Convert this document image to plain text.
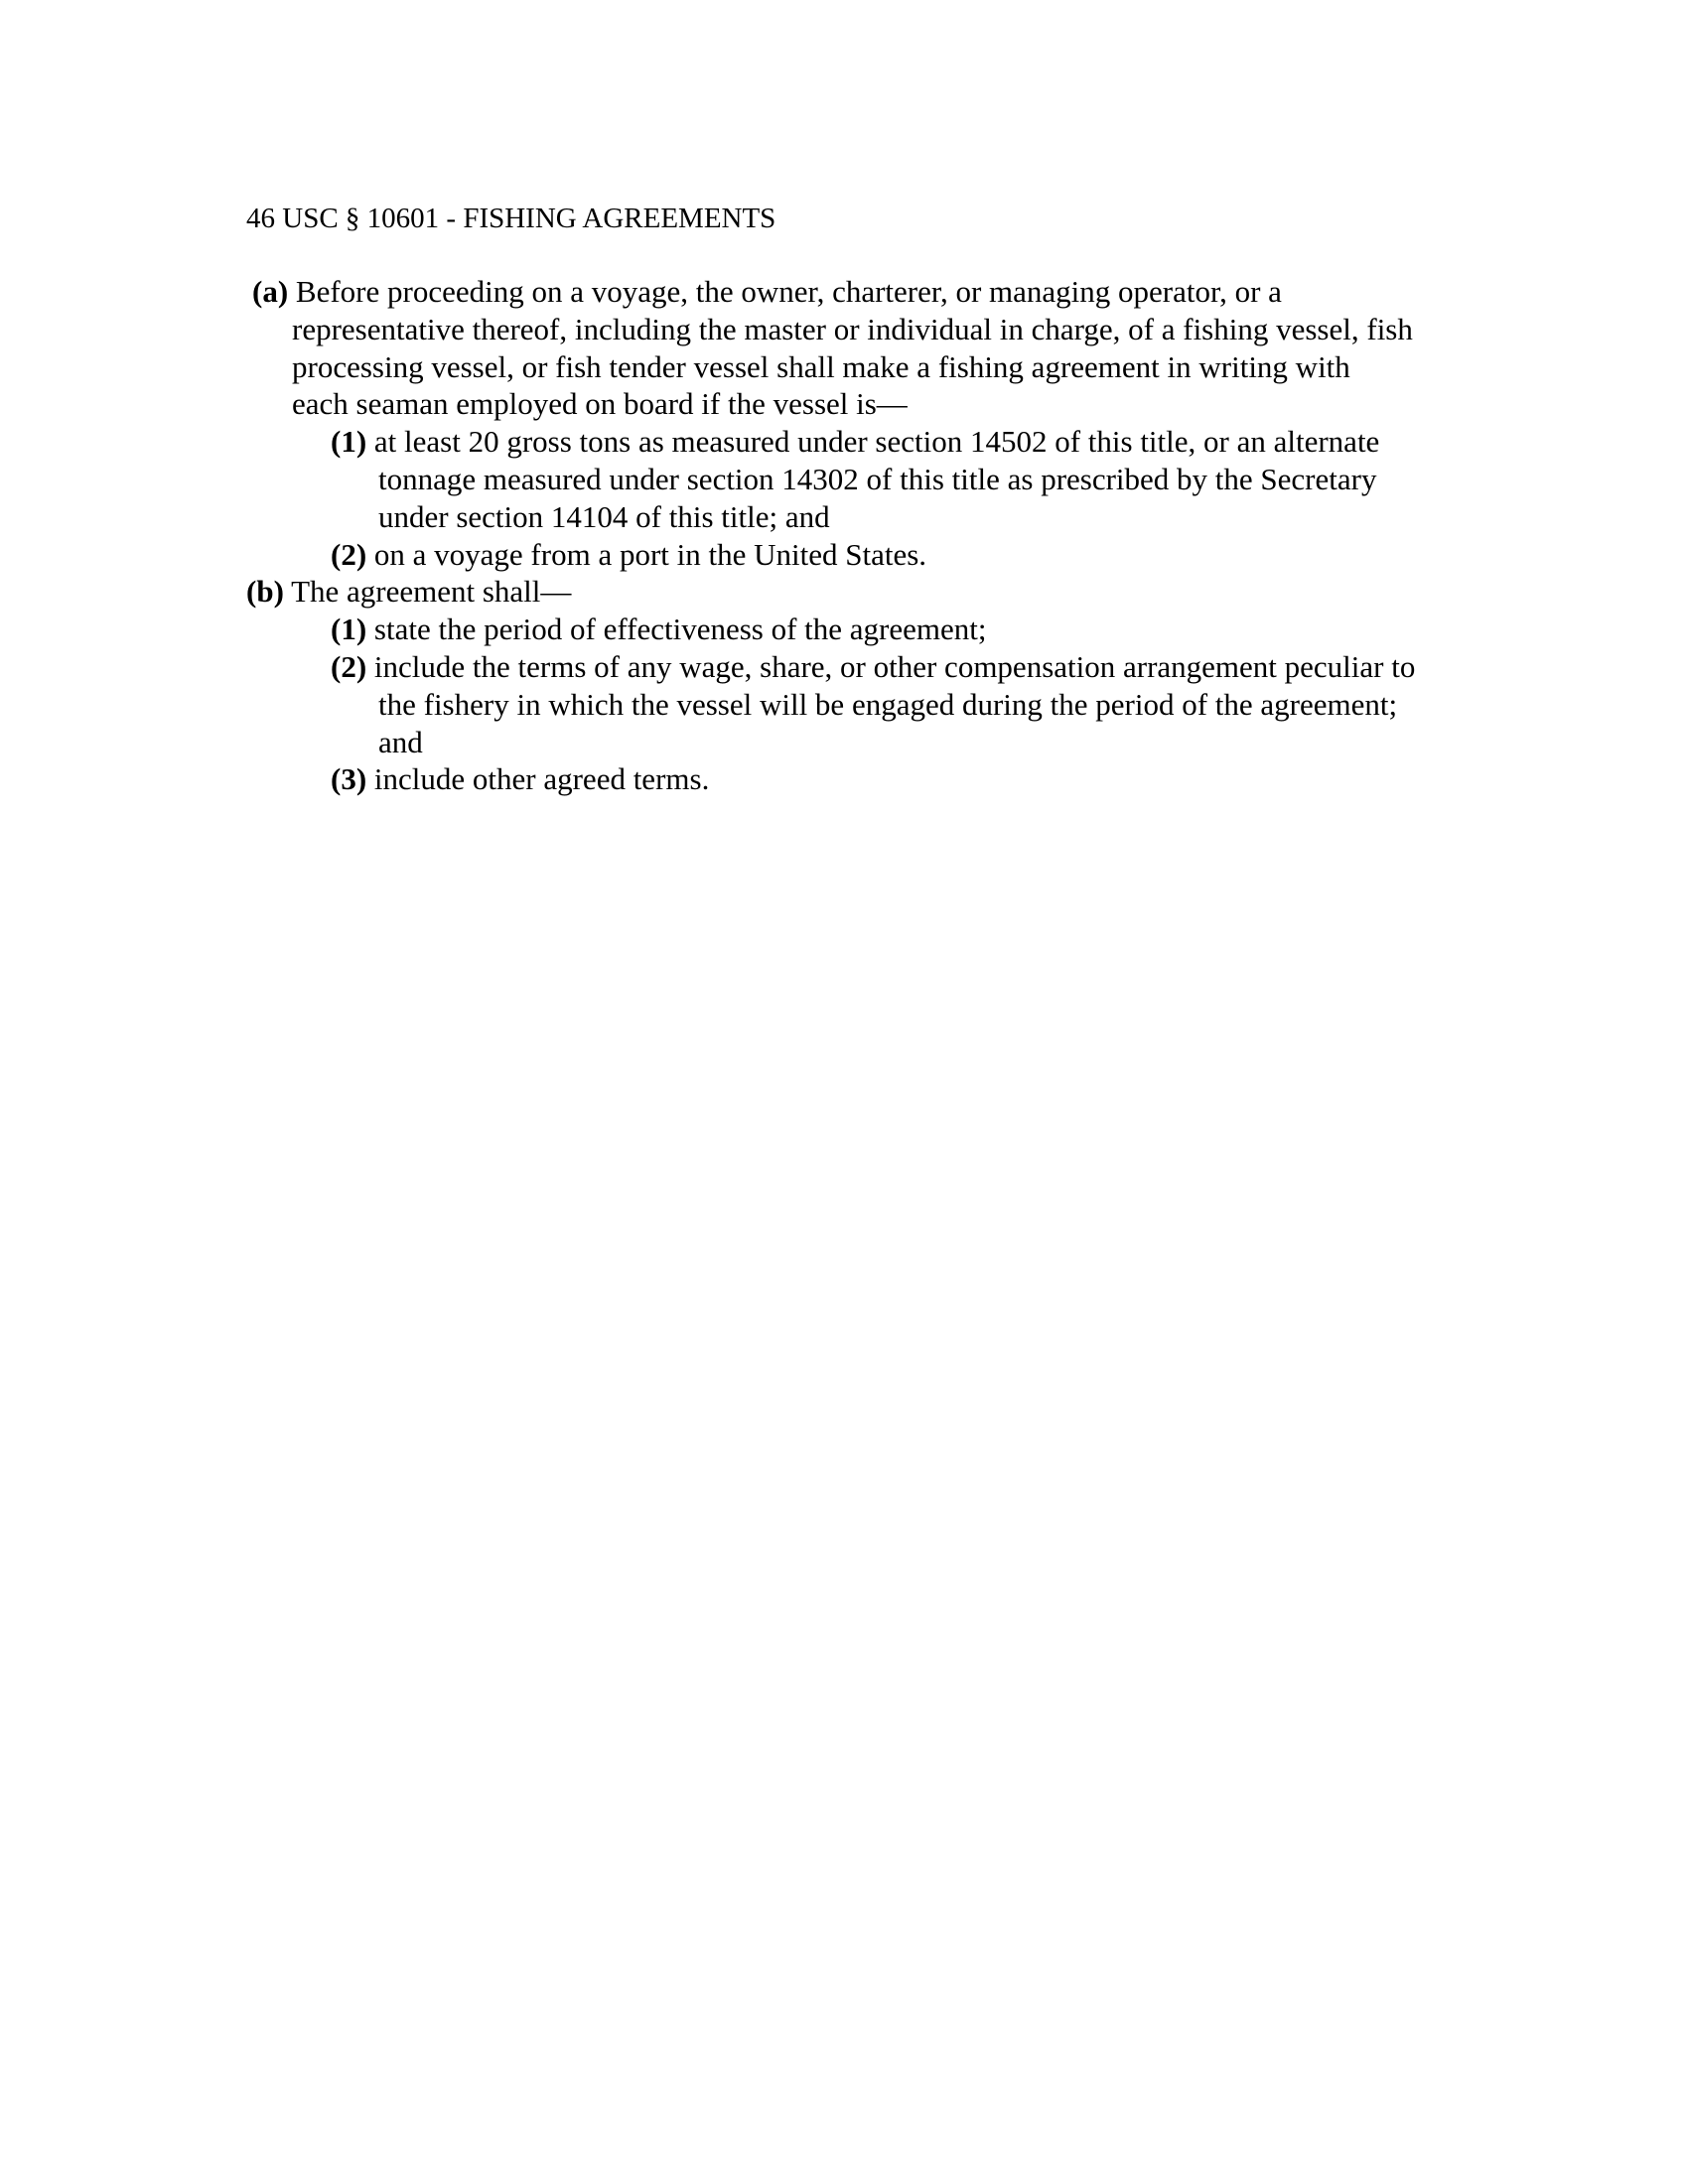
46 USC § 10601 - FISHING AGREEMENTS

(a) Before proceeding on a voyage, the owner, charterer, or managing operator, or a representative thereof, including the master or individual in charge, of a fishing vessel, fish processing vessel, or fish tender vessel shall make a fishing agreement in writing with each seaman employed on board if the vessel is—

(1) at least 20 gross tons as measured under section 14502 of this title, or an alternate tonnage measured under section 14302 of this title as prescribed by the Secretary under section 14104 of this title; and

(2) on a voyage from a port in the United States.

(b) The agreement shall—

(1) state the period of effectiveness of the agreement;

(2) include the terms of any wage, share, or other compensation arrangement peculiar to the fishery in which the vessel will be engaged during the period of the agreement; and

(3) include other agreed terms.
